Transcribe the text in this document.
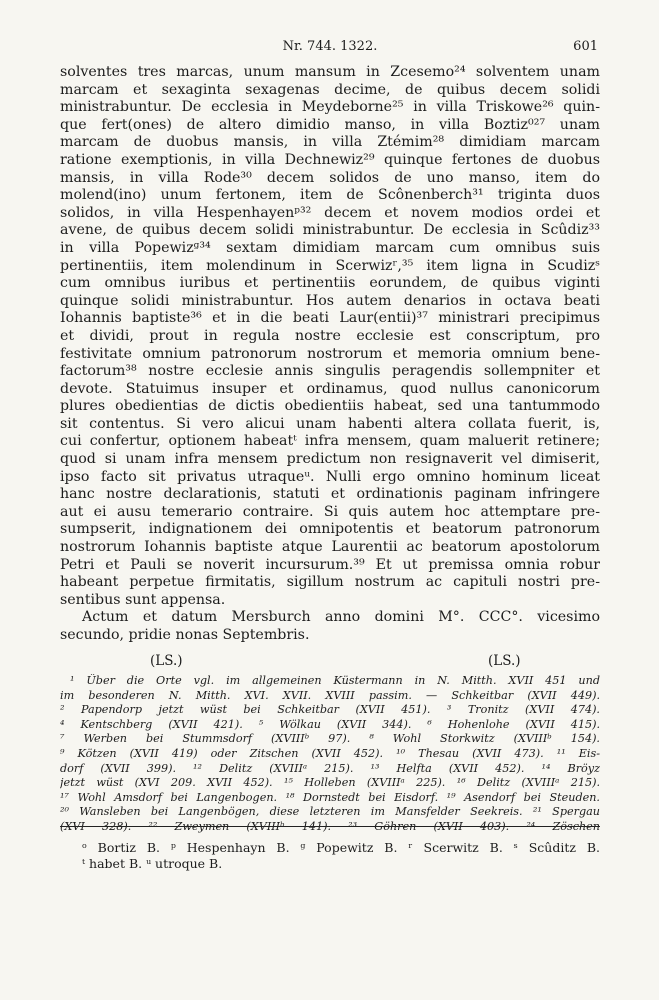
Nr. 744. 1322.	601
solventes tres marcas, unum mansum in Zcesemo²⁴ solventem unam
marcam et sexaginta sexagenas decime, de quibus decem solidi
ministrabuntur. De ecclesia in Meydeborne²⁵ in villa Triskowe²⁶ quin-
que fert(ones) de altero dimidio manso, in villa Boztiz⁰²⁷ unam
marcam de duobus mansis, in villa Ztémim²⁸ dimidiam marcam
ratione exemptionis, in villa Dechnewiz²⁹ quinque fertones de duobus
mansis, in villa Rode³⁰ decem solidos de uno manso, item do
molend(ino) unum fertonem, item de Scônenberch³¹ triginta duos
solidos, in villa Hespenhayenᵖ³² decem et novem modios ordei et
avene, de quibus decem solidi ministrabuntur. De ecclesia in Scûdiz³³
in villa Popewizᵍ³⁴ sextam dimidiam marcam cum omnibus suis
pertinentiis, item molendinum in Scerwizʳ,³⁵ item ligna in Scudizˢ
cum omnibus iuribus et pertinentiis eorundem, de quibus viginti
quinque solidi ministrabuntur. Hos autem denarios in octava beati
Iohannis baptiste³⁶ et in die beati Laur(entii)³⁷ ministrari precipimus
et dividi, prout in regula nostre ecclesie est conscriptum, pro
festivitate omnium patronorum nostrorum et memoria omnium bene-
factorum³⁸ nostre ecclesie annis singulis peragendis sollempniter et
devote. Statuimus insuper et ordinamus, quod nullus canonicorum
plures obedientias de dictis obedientiis habeat, sed una tantummodo
sit contentus. Si vero alicui unam habenti altera collata fuerit, is,
cui confertur, optionem habeatᵗ infra mensem, quam maluerit retinere;
quod si unam infra mensem predictum non resignaverit vel dimiserit,
ipso facto sit privatus utraqueᵘ. Nulli ergo omnino hominum liceat
hanc nostre declarationis, statuti et ordinationis paginam infringere
aut ei ausu temerario contraire. Si quis autem hoc attemptare pre-
sumpserit, indignationem dei omnipotentis et beatorum patronorum
nostrorum Iohannis baptiste atque Laurentii ac beatorum apostolorum
Petri et Pauli se noverit incursurum.³⁹ Et ut premissa omnia robur
habeant perpetue firmitatis, sigillum nostrum ac capituli nostri pre-
sentibus sunt appensa.
Actum et datum Mersburch anno domini M°. CCC°. vicesimo
secundo, pridie nonas Septembris.
(LS.)	(LS.)
¹ Über die Orte vgl. im allgemeinen Küstermann in N. Mitth. XVII 451 und
im besonderen N. Mitth. XVI. XVII. XVIII passim. — Schkeitbar (XVII 449).
² Papendorp jetzt wüst bei Schkeitbar (XVII 451). ³ Tronitz (XVII 474).
⁴ Kentschberg (XVII 421). ⁵ Wölkau (XVII 344). ⁶ Hohenlohe (XVII 415).
⁷ Werben bei Stummsdorf (XVIIIᵇ 97). ⁸ Wohl Storkwitz (XVIIIᵇ 154).
⁹ Kötzen (XVII 419) oder Zitschen (XVII 452). ¹⁰ Thesau (XVII 473). ¹¹ Eis-
dorf (XVII 399). ¹² Delitz (XVIIIᵃ 215). ¹³ Helfta (XVII 452). ¹⁴ Bröyz
jetzt wüst (XVI 209. XVII 452). ¹⁵ Holleben (XVIIIᵃ 225). ¹⁶ Delitz (XVIIIᵃ 215).
¹⁷ Wohl Amsdorf bei Langenbogen. ¹⁸ Dornstedt bei Eisdorf. ¹⁹ Asendorf bei Steuden.
²⁰ Wansleben bei Langenbögen, diese letzteren im Mansfelder Seekreis. ²¹ Spergau
(XVI 328). ²² Zweymen (XVIIIᵇ 141). ²³ Göhren (XVII 403). ²⁴ Zöschen
ᵒ Bortiz B. ᵖ Hespenhayn B. ᵍ Popewitz B. ʳ Scerwitz B. ˢ Scûditz B.
ᵗ habet B. ᵘ utroque B.
